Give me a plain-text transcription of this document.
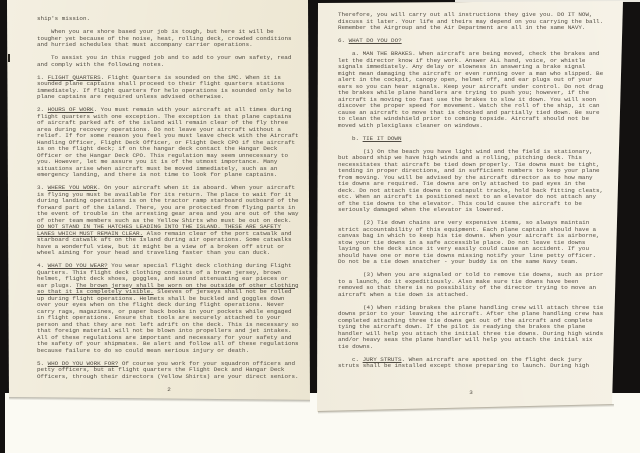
ship's mission.

When you are shore based your job is tough, but here it will be tougher yet because of the noise, heat, rolling deck, crowded conditions and hurried schedules that must accompany carrier operations.

To assist you in this rugged job and to add to your own safety, read and comply with the following notes.

1. FLIGHT QUARTERS. Flight Quarters is sounded on the 1MC. When it is sounded plane captains shall proceed to their flight quarters stations immediately. If flight quarters for helo operations is sounded only helo plane captains are required unless advised otherwise.

2. HOURS OF WORK. You must remain with your aircraft at all times during flight quarters with one exception. The exception is that plane captains of aircraft parked aft of the island will remain clear of the fly three area during recovery operations. Do not leave your aircraft without a relief. If for some reason you feel you must leave check with the Aircraft Handling Officer, Flight Deck Officer, or Flight Deck CPO if the aircraft is on the flight deck; if on the hangar deck contact the Hangar Deck Officer or the Hangar Deck CPO. This regulation may seem unnecessary to you. However, let me assure you it is of the utmost importance. Many situations arise when aircraft must be moved immediately, such as an emergency landing, and there is not time to look for plane captains.

3. WHERE YOU WORK. On your aircraft when it is aboard. When your aircraft is flying you must be available for its return. The place to wait for it during landing operations is on the tractor ramp starboard outboard of the forward part of the island. There, you are protected from flying parts in the event of trouble in the arresting gear area and you are out of the way of other team members such as the Yellow Shirts who must be out on deck. DO NOT STAND IN THE HATCHES LEADING INTO THE ISLAND. THESE ARE SAFETY LANES WHICH MUST REMAIN CLEAR. Also remain clear of the port catwalk and starboard catwalk aft on the island during air operations. Some catwalks have a wonderful view, but it might be a view of a broken off strut or wheel aiming for your head and traveling faster than you can duck.

4. WHAT DO YOU WEAR? You wear special flight deck clothing during Flight Quarters. This flight deck clothing consists of a brown jersey, brown helmet, flight deck shoes, goggles, and sound attenuating ear pieces or ear plugs. The brown jersey shall be worn on the outside of other clothing so that it is completely visible. Sleeves of jerseys shall not be rolled up during flight operations. Helmets shall be buckled and goggles down over your eyes when on the flight deck during flight operations. Never carry rags, magazines, or paper back books in your pockets while engaged in flight operations. Ensure that tools are securely attached to your person and that they are not left adrift on the deck. This is necessary so that foreign material will not be blown into propellers and jet intakes. All of these regulations are important and necessary for your safety and the safety of your shipmates. Be alert and follow all of these regulations because failure to do so could mean serious injury or death.

5. WHO DO YOU WORK FOR? Of course you work for your squadron officers and petty officers, but at flight quarters the Flight Deck and Hangar Deck Officers, through their directors (Yellow Shirts) are your direct seniors.

2

Therefore, you will carry out all instructions they give you. DO IT NOW, discuss it later. Your life and theirs may depend on you carrying the ball. Remember the Airgroup and the Air Department are all in the same NAVY.

6. WHAT DO YOU DO?

a. MAN THE BRAKES. When aircraft are being moved, check the brakes and let the director know if they work. Answer ALL hand, voice, or whistle signals immediately. Any delay or slowness in answering a brake signal might mean damaging the aircraft or even running over a man who slipped. Be alert in the cockpit, canopy open, helmet off, and ear plugs out of your ears so you can hear signals. Keep your aircraft under control. Do not drag the brakes while plane handlers are trying to push you; however, if the aircraft is moving too fast use the brakes to slow it down. You will soon discover the proper speed for movement. Watch the roll of the ship, it can cause an aircraft to move that is chocked and partially tied down. Be sure to clean the windshield prior to coming topside. Aircraft should not be moved with plexiglass cleaner on windows.

b. TIE IT DOWN

(1) On the beach you have light wind and the field is stationary, but aboard ship we have high winds and a rolling, pitching deck. This necessitates that aircraft be tied down properly. Tie downs must be tight, tending in proper directions, and in sufficient numbers to keep your plane from moving. You will be advised by the aircraft director as to how many tie downs are required. Tie downs are only attached to pad eyes in the deck. Do not attach tie downs to catapult tracks, hold back fitting cleats, etc. When an aircraft is positioned next to an elevator do not attach any of the tie downs to the elevator. This could cause the aircraft to be seriously damaged when the elevator is lowered.

(2) Tie down chains are very expensive items, so always maintain strict accountability of this equipment. Each plane captain should have a canvas bag in which to keep his tie downs. When your aircraft is airborne, stow your tie downs in a safe accessible place. Do not leave tie downs laying on the deck since it very easily could cause an accident. If you should have one or more tie downs missing notify your line petty officer. Do not be a tie down snatcher - your buddy is on the same Navy team.

(3) When you are signaled or told to remove tie downs, such as prior to a launch, do it expeditiously. Also make sure tie downs have been removed so that there is no possibility of the director trying to move an aircraft when a tie down is attached.

(4) When riding brakes the plane handling crew will attach three tie downs prior to your leaving the aircraft. After the plane handling crew has completed attaching three tie downs get out of the aircraft and complete tying the aircraft down. If the pilot is readying the brakes the plane handler will help you attach the initial three tie downs. During high winds and/or heavy seas the plane handler will help you attach the initial six tie downs.

c. JURY STRUTS. When aircraft are spotted on the flight deck jury struts shall be installed except those preparing to launch. During high

3
